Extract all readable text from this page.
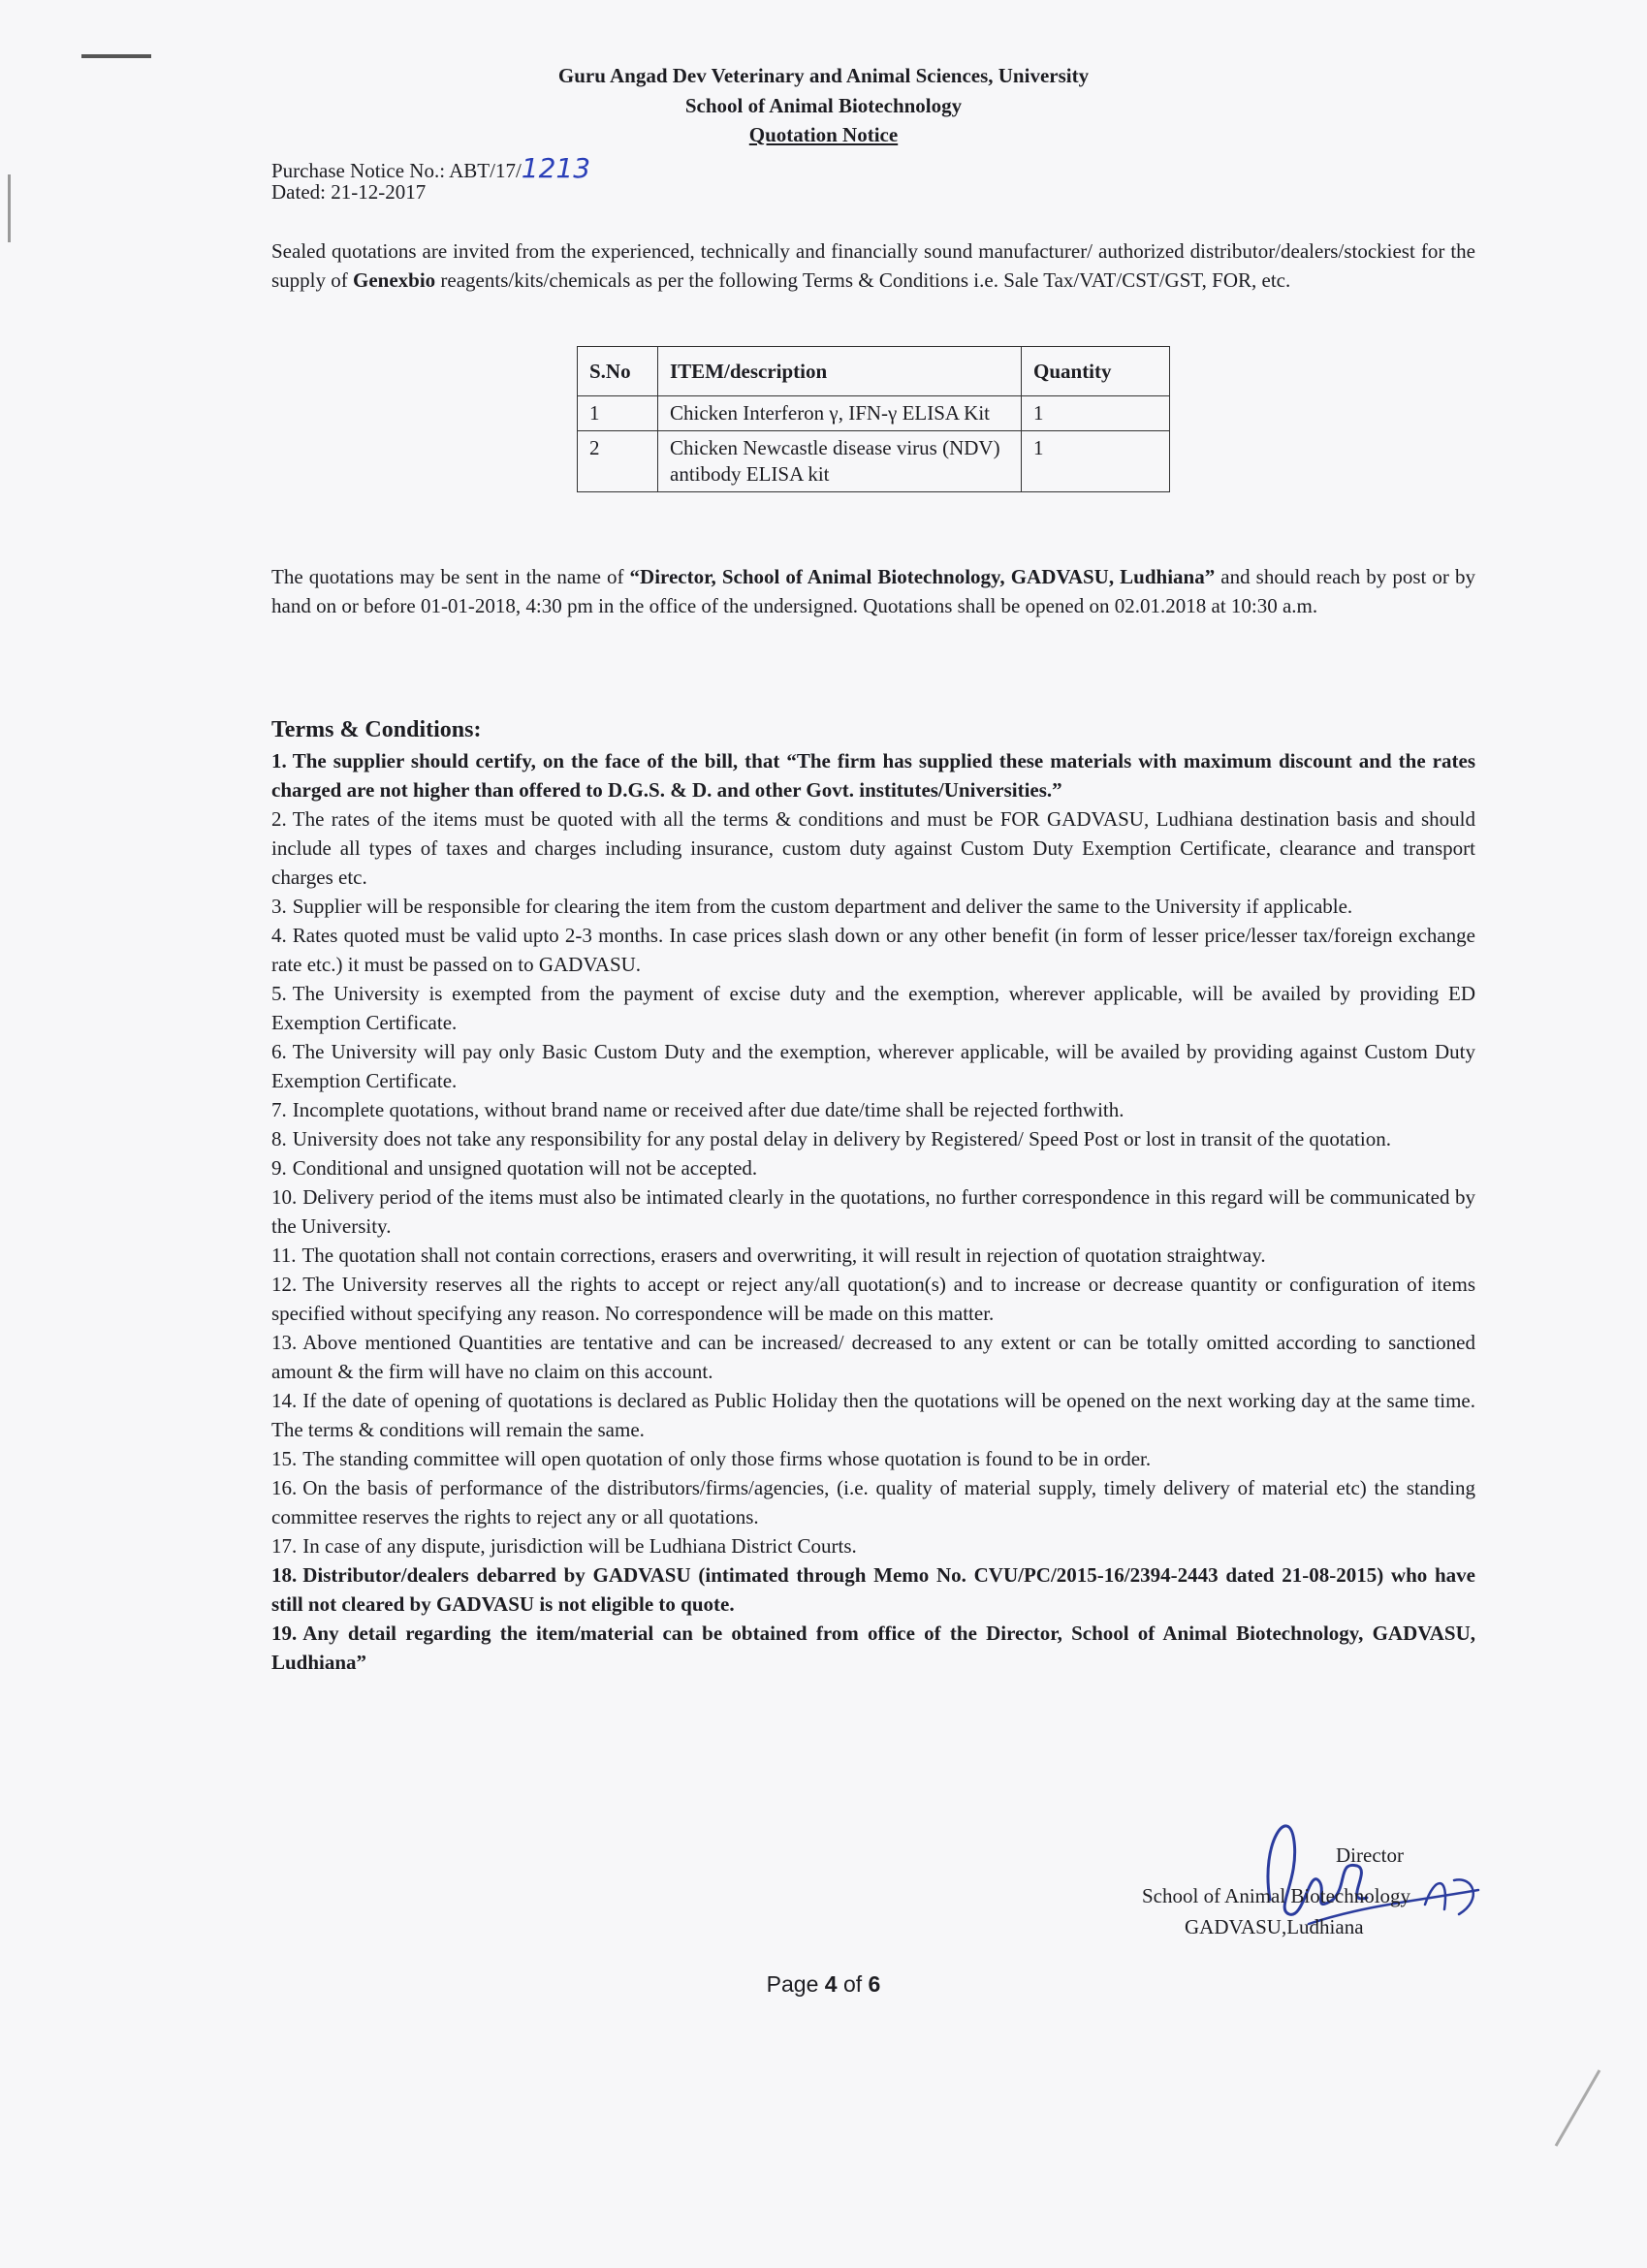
Guru Angad Dev Veterinary and Animal Sciences, University
School of Animal Biotechnology
Quotation Notice
Purchase Notice No.: ABT/17/1213
Dated: 21-12-2017

Sealed quotations are invited from the experienced, technically and financially sound manufacturer/ authorized distributor/dealers/stockiest for the supply of Genexbio reagents/kits/chemicals as per the following Terms & Conditions i.e. Sale Tax/VAT/CST/GST, FOR, etc.

S.No	ITEM/description	Quantity
1	Chicken Interferon γ, IFN-γ ELISA Kit	1
2	Chicken Newcastle disease virus (NDV) antibody ELISA kit	1

The quotations may be sent in the name of “Director, School of Animal Biotechnology, GADVASU, Ludhiana” and should reach by post or by hand on or before 01-01-2018, 4:30 pm in the office of the undersigned. Quotations shall be opened on 02.01.2018 at 10:30 a.m.

Terms & Conditions:

1. The supplier should certify, on the face of the bill, that “The firm has supplied these materials with maximum discount and the rates charged are not higher than offered to D.G.S. & D. and other Govt. institutes/Universities.”

2. The rates of the items must be quoted with all the terms & conditions and must be FOR GADVASU, Ludhiana destination basis and should include all types of taxes and charges including insurance, custom duty against Custom Duty Exemption Certificate, clearance and transport charges etc.

3. Supplier will be responsible for clearing the item from the custom department and deliver the same to the University if applicable.

4. Rates quoted must be valid upto 2-3 months. In case prices slash down or any other benefit (in form of lesser price/lesser tax/foreign exchange rate etc.) it must be passed on to GADVASU.

5. The University is exempted from the payment of excise duty and the exemption, wherever applicable, will be availed by providing ED Exemption Certificate.

6. The University will pay only Basic Custom Duty and the exemption, wherever applicable, will be availed by providing against Custom Duty Exemption Certificate.

7. Incomplete quotations, without brand name or received after due date/time shall be rejected forthwith.

8. University does not take any responsibility for any postal delay in delivery by Registered/ Speed Post or lost in transit of the quotation.

9. Conditional and unsigned quotation will not be accepted.

10. Delivery period of the items must also be intimated clearly in the quotations, no further correspondence in this regard will be communicated by the University.

11. The quotation shall not contain corrections, erasers and overwriting, it will result in rejection of quotation straightway.

12. The University reserves all the rights to accept or reject any/all quotation(s) and to increase or decrease quantity or configuration of items specified without specifying any reason. No correspondence will be made on this matter.

13. Above mentioned Quantities are tentative and can be increased/ decreased to any extent or can be totally omitted according to sanctioned amount & the firm will have no claim on this account.

14. If the date of opening of quotations is declared as Public Holiday then the quotations will be opened on the next working day at the same time. The terms & conditions will remain the same.

15. The standing committee will open quotation of only those firms whose quotation is found to be in order.

16. On the basis of performance of the distributors/firms/agencies, (i.e. quality of material supply, timely delivery of material etc) the standing committee reserves the rights to reject any or all quotations.

17. In case of any dispute, jurisdiction will be Ludhiana District Courts.

18. Distributor/dealers debarred by GADVASU (intimated through Memo No. CVU/PC/2015-16/2394-2443 dated 21-08-2015) who have still not cleared by GADVASU is not eligible to quote.

19. Any detail regarding the item/material can be obtained from office of the Director, School of Animal Biotechnology, GADVASU, Ludhiana”

Director
School of Animal Biotechnology
GADVASU,Ludhiana
Page 4 of 6
